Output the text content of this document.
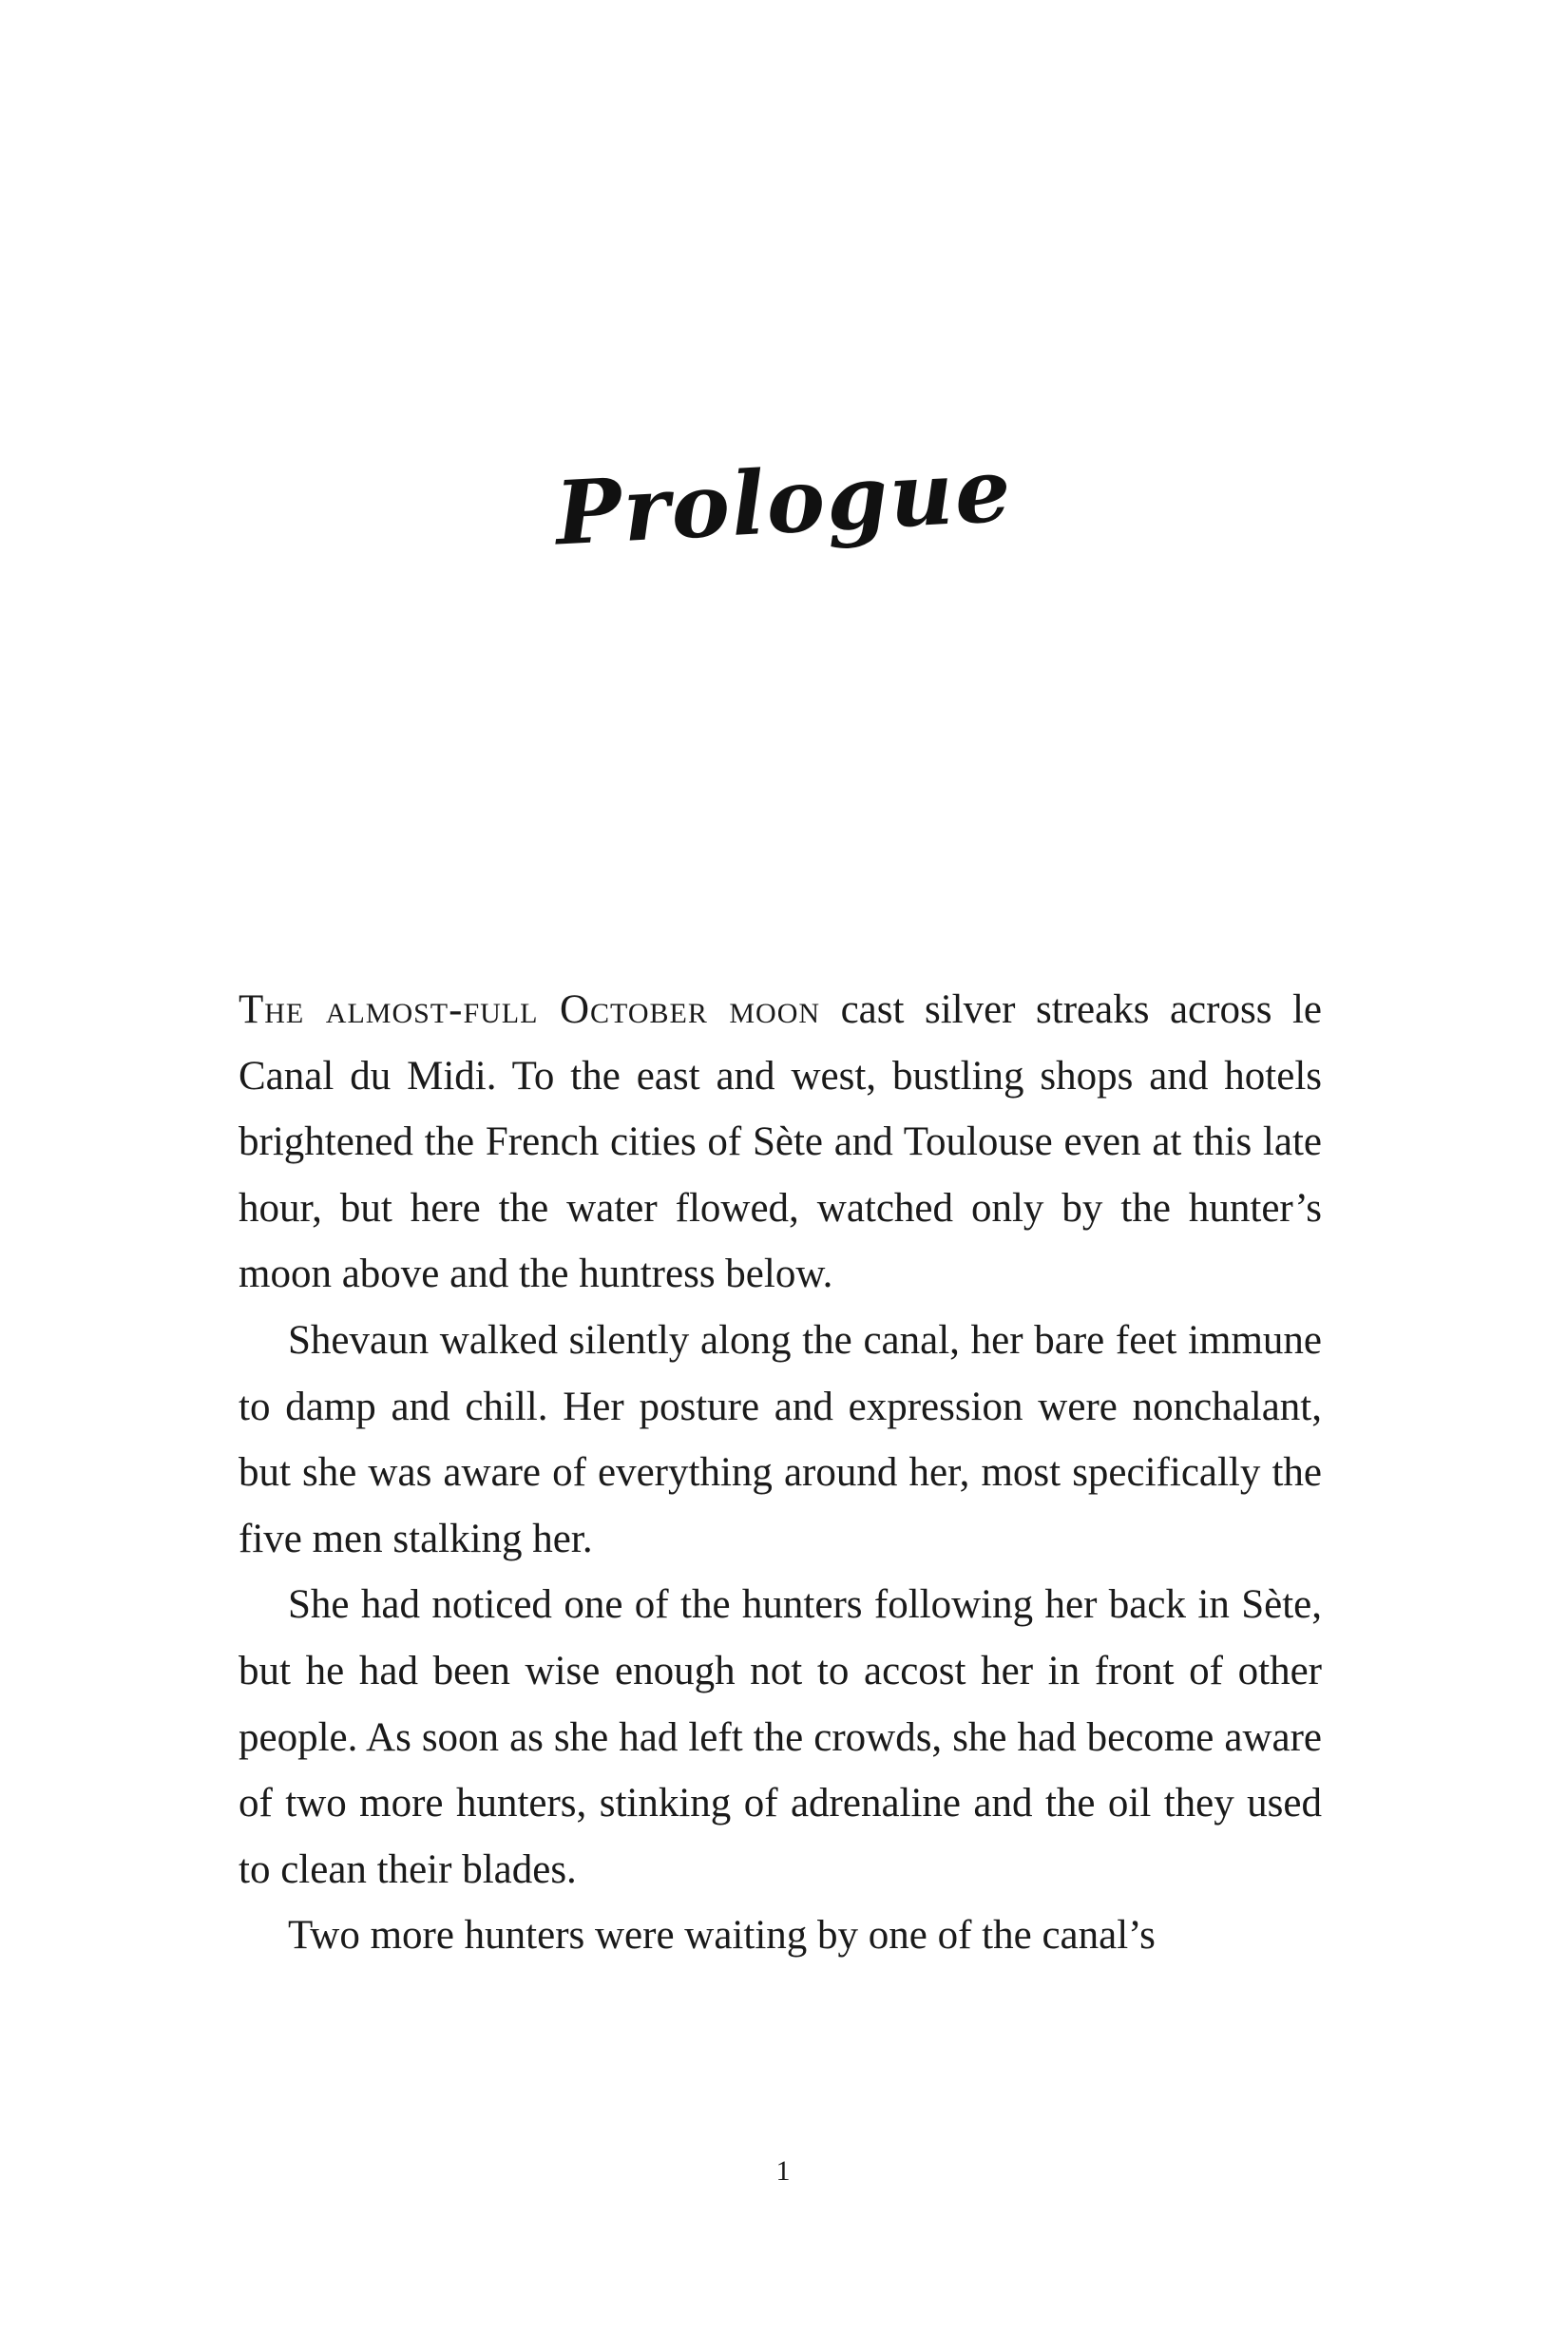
Prologue

The almost-full October moon cast silver streaks across le Canal du Midi. To the east and west, bustling shops and hotels brightened the French cities of Sète and Toulouse even at this late hour, but here the water flowed, watched only by the hunter’s moon above and the huntress below.

Shevaun walked silently along the canal, her bare feet immune to damp and chill. Her posture and expression were nonchalant, but she was aware of everything around her, most specifically the five men stalking her.

She had noticed one of the hunters following her back in Sète, but he had been wise enough not to accost her in front of other people. As soon as she had left the crowds, she had become aware of two more hunters, stinking of adrenaline and the oil they used to clean their blades.

Two more hunters were waiting by one of the canal’s

1
